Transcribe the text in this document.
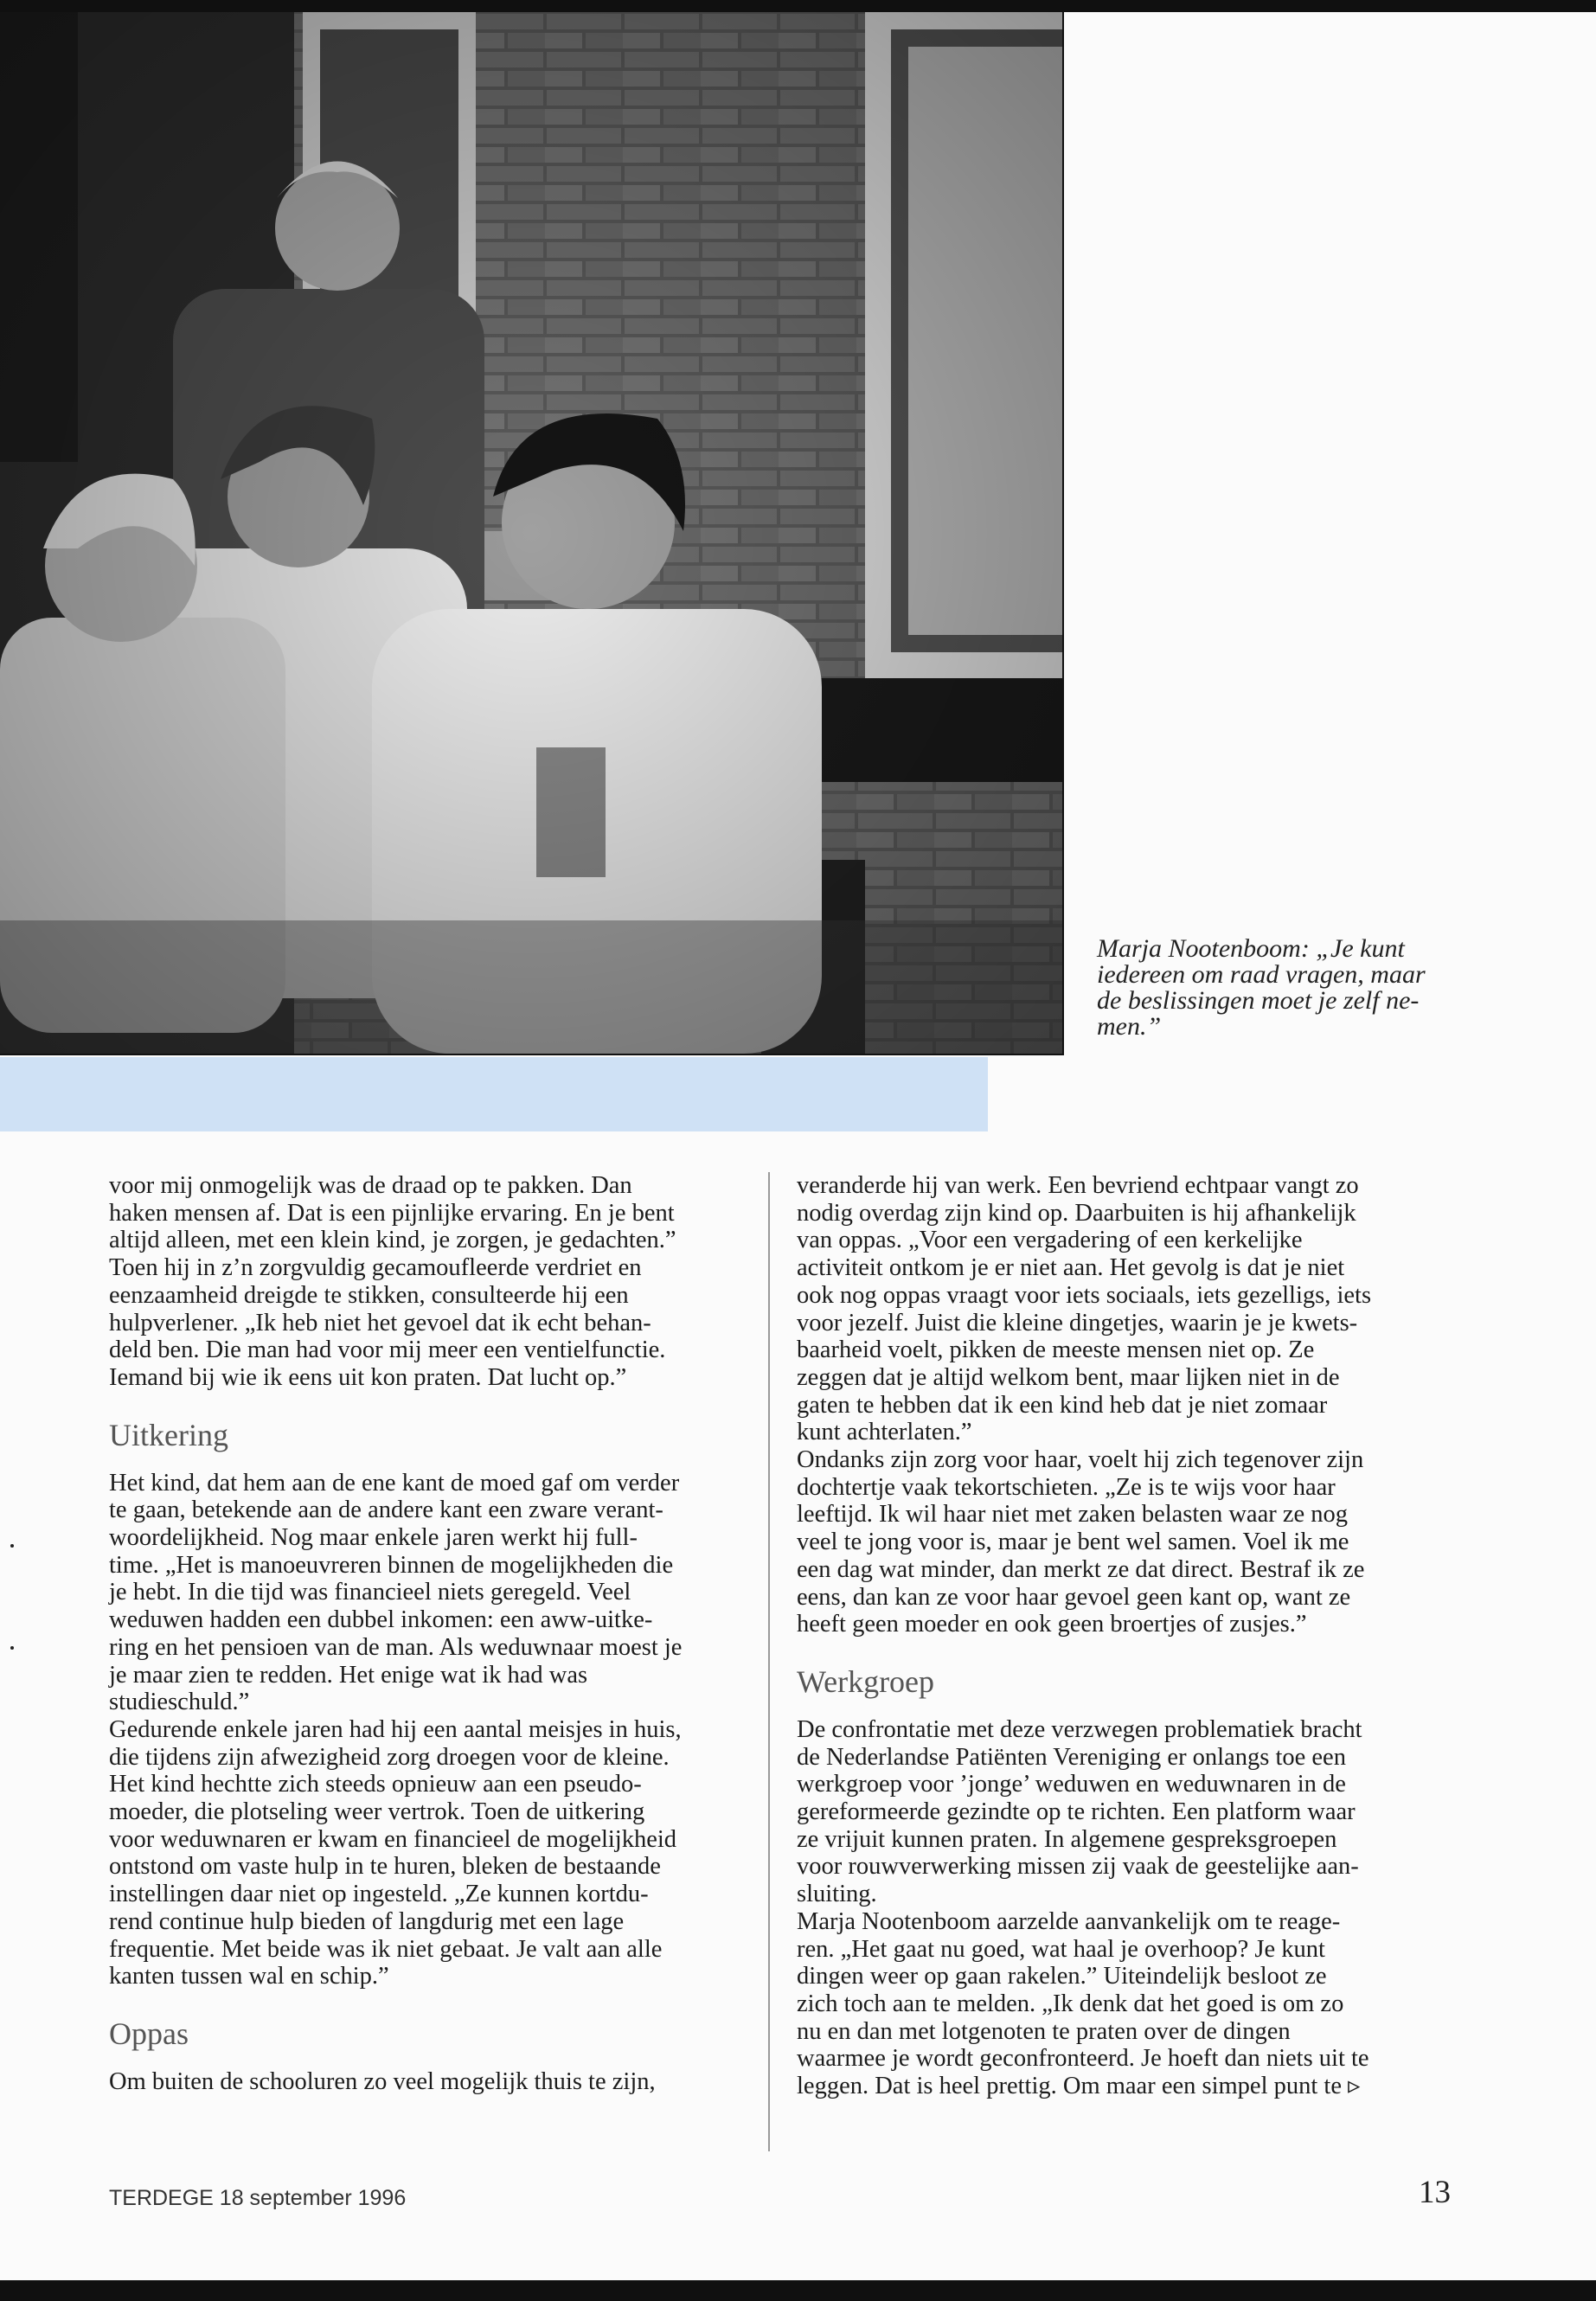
Marja Nootenboom: „Je kunt
iedereen om raad vragen, maar
de beslissingen moet je zelf ne-
men.”

voor mij onmogelijk was de draad op te pakken. Dan
haken mensen af. Dat is een pijnlijke ervaring. En je bent
altijd alleen, met een klein kind, je zorgen, je gedachten.”
Toen hij in z’n zorgvuldig gecamoufleerde verdriet en
eenzaamheid dreigde te stikken, consulteerde hij een
hulpverlener. „Ik heb niet het gevoel dat ik echt behan-
deld ben. Die man had voor mij meer een ventielfunctie.
Iemand bij wie ik eens uit kon praten. Dat lucht op.”

Uitkering

Het kind, dat hem aan de ene kant de moed gaf om verder
te gaan, betekende aan de andere kant een zware verant-
woordelijkheid. Nog maar enkele jaren werkt hij full-
time. „Het is manoeuvreren binnen de mogelijkheden die
je hebt. In die tijd was financieel niets geregeld. Veel
weduwen hadden een dubbel inkomen: een aww-uitke-
ring en het pensioen van de man. Als weduwnaar moest je
je maar zien te redden. Het enige wat ik had was
studieschuld.”

Gedurende enkele jaren had hij een aantal meisjes in huis,
die tijdens zijn afwezigheid zorg droegen voor de kleine.
Het kind hechtte zich steeds opnieuw aan een pseudo-
moeder, die plotseling weer vertrok. Toen de uitkering
voor weduwnaren er kwam en financieel de mogelijkheid
ontstond om vaste hulp in te huren, bleken de bestaande
instellingen daar niet op ingesteld. „Ze kunnen kortdu-
rend continue hulp bieden of langdurig met een lage
frequentie. Met beide was ik niet gebaat. Je valt aan alle
kanten tussen wal en schip.”

Oppas

Om buiten de schooluren zo veel mogelijk thuis te zijn,

veranderde hij van werk. Een bevriend echtpaar vangt zo
nodig overdag zijn kind op. Daarbuiten is hij afhankelijk
van oppas. „Voor een vergadering of een kerkelijke
activiteit ontkom je er niet aan. Het gevolg is dat je niet
ook nog oppas vraagt voor iets sociaals, iets gezelligs, iets
voor jezelf. Juist die kleine dingetjes, waarin je je kwets-
baarheid voelt, pikken de meeste mensen niet op. Ze
zeggen dat je altijd welkom bent, maar lijken niet in de
gaten te hebben dat ik een kind heb dat je niet zomaar
kunt achterlaten.”

Ondanks zijn zorg voor haar, voelt hij zich tegenover zijn
dochtertje vaak tekortschieten. „Ze is te wijs voor haar
leeftijd. Ik wil haar niet met zaken belasten waar ze nog
veel te jong voor is, maar je bent wel samen. Voel ik me
een dag wat minder, dan merkt ze dat direct. Bestraf ik ze
eens, dan kan ze voor haar gevoel geen kant op, want ze
heeft geen moeder en ook geen broertjes of zusjes.”

Werkgroep

De confrontatie met deze verzwegen problematiek bracht
de Nederlandse Patiënten Vereniging er onlangs toe een
werkgroep voor ’jonge’ weduwen en weduwnaren in de
gereformeerde gezindte op te richten. Een platform waar
ze vrijuit kunnen praten. In algemene gespreksgroepen
voor rouwverwerking missen zij vaak de geestelijke aan-
sluiting.

Marja Nootenboom aarzelde aanvankelijk om te reage-
ren. „Het gaat nu goed, wat haal je overhoop? Je kunt
dingen weer op gaan rakelen.” Uiteindelijk besloot ze
zich toch aan te melden. „Ik denk dat het goed is om zo
nu en dan met lotgenoten te praten over de dingen
waarmee je wordt geconfronteerd. Je hoeft dan niets uit te
leggen. Dat is heel prettig. Om maar een simpel punt te ▹

TERDEGE 18 september 1996	13
